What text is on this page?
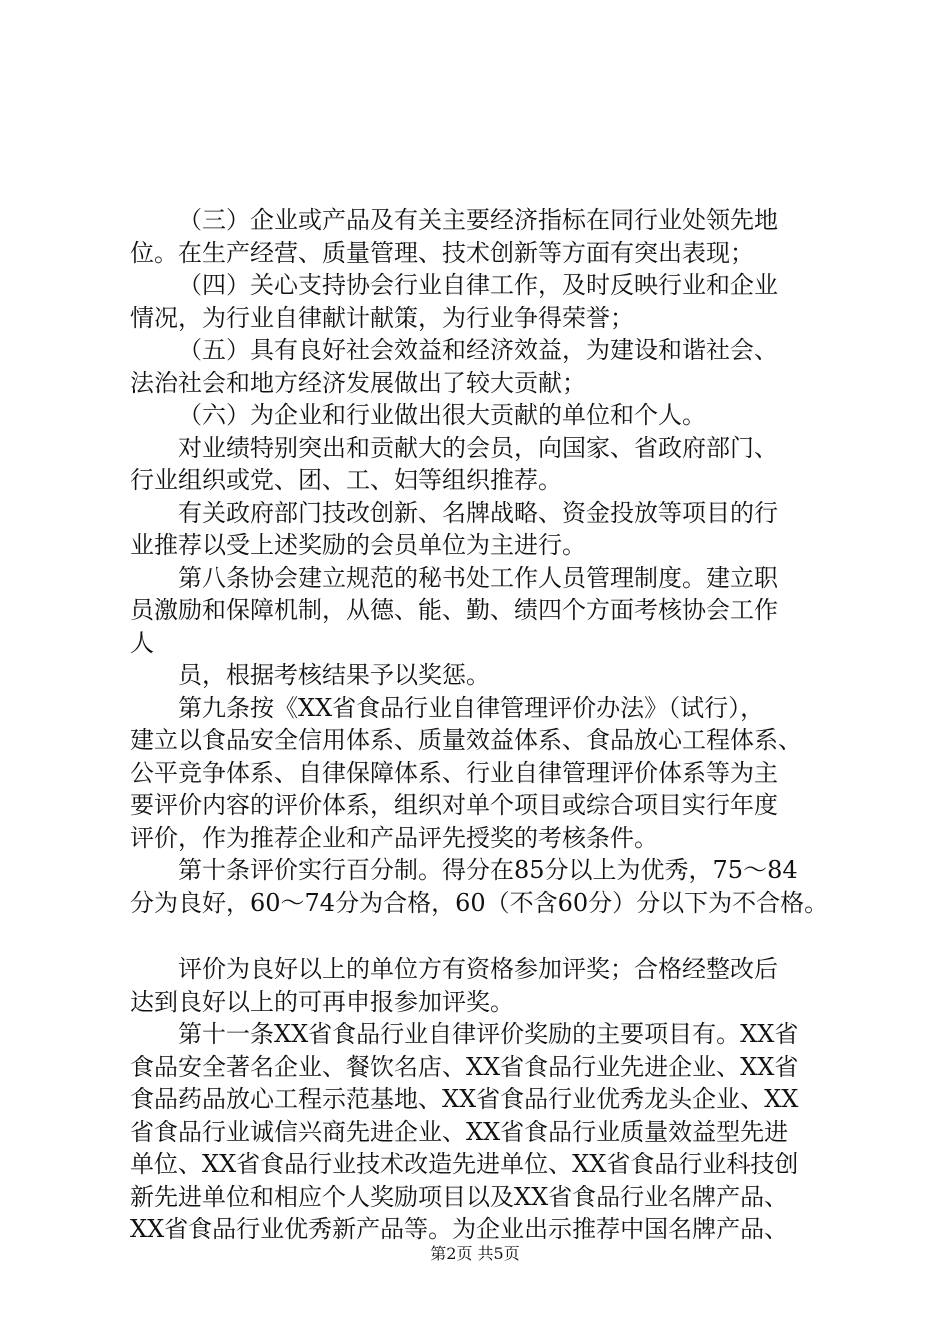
（三）企业或产品及有关主要经济指标在同行业处领先地
位。在生产经营、质量管理、技术创新等方面有突出表现；
（四）关心支持协会行业自律工作，及时反映行业和企业
情况，为行业自律献计献策，为行业争得荣誉；
（五）具有良好社会效益和经济效益，为建设和谐社会、
法治社会和地方经济发展做出了较大贡献；
（六）为企业和行业做出很大贡献的单位和个人。
对业绩特别突出和贡献大的会员，向国家、省政府部门、
行业组织或党、团、工、妇等组织推荐。
有关政府部门技改创新、名牌战略、资金投放等项目的行
业推荐以受上述奖励的会员单位为主进行。
第八条协会建立规范的秘书处工作人员管理制度。建立职
员激励和保障机制，从德、能、勤、绩四个方面考核协会工作
人
员，根据考核结果予以奖惩。
第九条按《XX省食品行业自律管理评价办法》（试行），
建立以食品安全信用体系、质量效益体系、食品放心工程体系、
公平竞争体系、自律保障体系、行业自律管理评价体系等为主
要评价内容的评价体系，组织对单个项目或综合项目实行年度
评价，作为推荐企业和产品评先授奖的考核条件。
第十条评价实行百分制。得分在85分以上为优秀，75～84
分为良好，60～74分为合格，60（不含60分）分以下为不合格。
评价为良好以上的单位方有资格参加评奖；合格经整改后
达到良好以上的可再申报参加评奖。
第十一条XX省食品行业自律评价奖励的主要项目有。XX省
食品安全著名企业、餐饮名店、XX省食品行业先进企业、XX省
食品药品放心工程示范基地、XX省食品行业优秀龙头企业、XX
省食品行业诚信兴商先进企业、XX省食品行业质量效益型先进
单位、XX省食品行业技术改造先进单位、XX省食品行业科技创
新先进单位和相应个人奖励项目以及XX省食品行业名牌产品、
XX省食品行业优秀新产品等。为企业出示推荐中国名牌产品、
第2页 共5页
